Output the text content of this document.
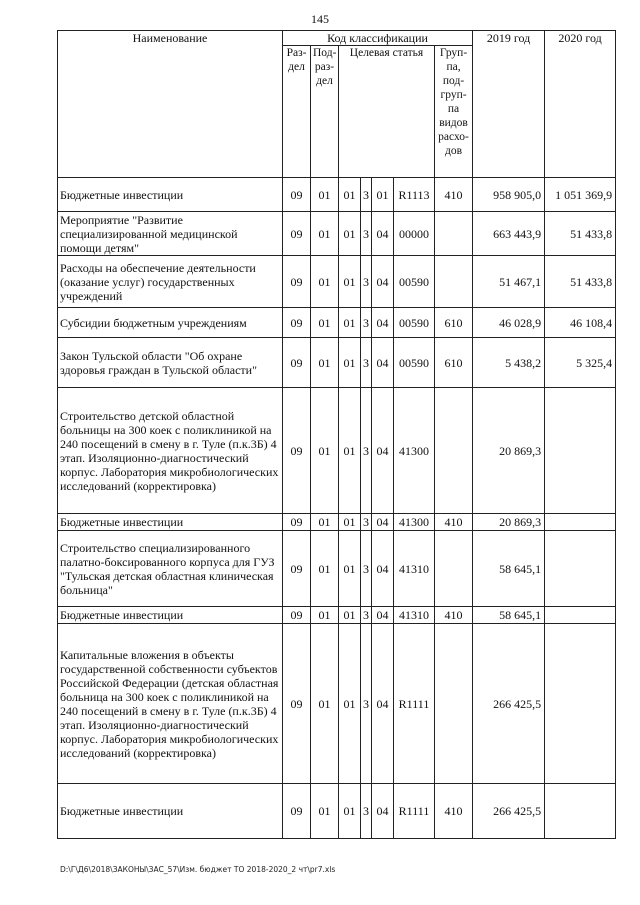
145
Наименование	Код классификации							2019 год	2020 год
	Раз-дел	Под-раз-дел	Целевая статья				Груп-па, под-груп-па видов расхо-дов		
Бюджетные инвестиции	09	01	01	3	01	R1113	410	958 905,0	1 051 369,9
Мероприятие "Развитие специализированной медицинской помощи детям"	09	01	01	3	04	00000		663 443,9	51 433,8
Расходы на обеспечение деятельности (оказание услуг) государственных учреждений	09	01	01	3	04	00590		51 467,1	51 433,8
Субсидии бюджетным учреждениям	09	01	01	3	04	00590	610	46 028,9	46 108,4
Закон Тульской области "Об охране здоровья граждан в Тульской области"	09	01	01	3	04	00590	610	5 438,2	5 325,4
Строительство детской областной больницы на 300 коек с поликлиникой на 240 посещений в смену в г. Туле (п.к.3Б) 4 этап. Изоляционно-диагностический корпус. Лаборатория микробиологических исследований (корректировка)	09	01	01	3	04	41300		20 869,3	
Бюджетные инвестиции	09	01	01	3	04	41300	410	20 869,3	
Строительство специализированного палатно-боксированного корпуса для ГУЗ "Тульская детская областная клиническая больница"	09	01	01	3	04	41310		58 645,1	
Бюджетные инвестиции	09	01	01	3	04	41310	410	58 645,1	
Капитальные вложения в объекты государственной собственности субъектов Российской Федерации (детская областная больница на 300 коек с поликлиникой на 240 посещений в смену в г. Туле (п.к.3Б) 4 этап. Изоляционно-диагностический корпус. Лаборатория микробиологических исследований (корректировка)	09	01	01	3	04	R1111		266 425,5	
Бюджетные инвестиции	09	01	01	3	04	R1111	410	266 425,5	
D:\Г\Д6\2018\ЗАКОНЫ\ЗАС_57\Изм. бюджет ТО 2018-2020_2 чт\pr7.xls
